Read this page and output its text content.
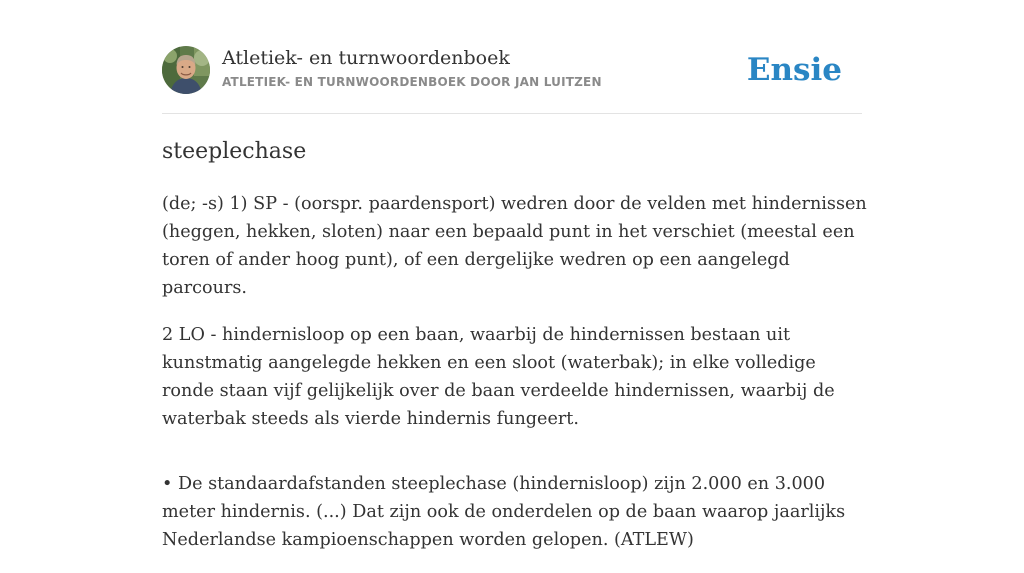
Atletiek- en turnwoordenboek
ATLETIEK- EN TURNWOORDENBOEK DOOR JAN LUITZEN	Ensie
steeplechase

(de; -s) 1) SP - (oorspr. paardensport) wedren door de velden met hindernissen (heggen, hekken, sloten) naar een bepaald punt in het verschiet (meestal een toren of ander hoog punt), of een dergelijke wedren op een aangelegd parcours.

2 LO - hindernisloop op een baan, waarbij de hindernissen bestaan uit kunstmatig aangelegde hekken en een sloot (waterbak); in elke volledige ronde staan vijf gelijkelijk over de baan verdeelde hindernissen, waarbij de waterbak steeds als vierde hindernis fungeert.

• De standaardafstanden steeplechase (hindernisloop) zijn 2.000 en 3.000 meter hindernis. (...) Dat zijn ook de onderdelen op de baan waarop jaarlijks Nederlandse kampioenschappen worden gelopen. (ATLEW)
